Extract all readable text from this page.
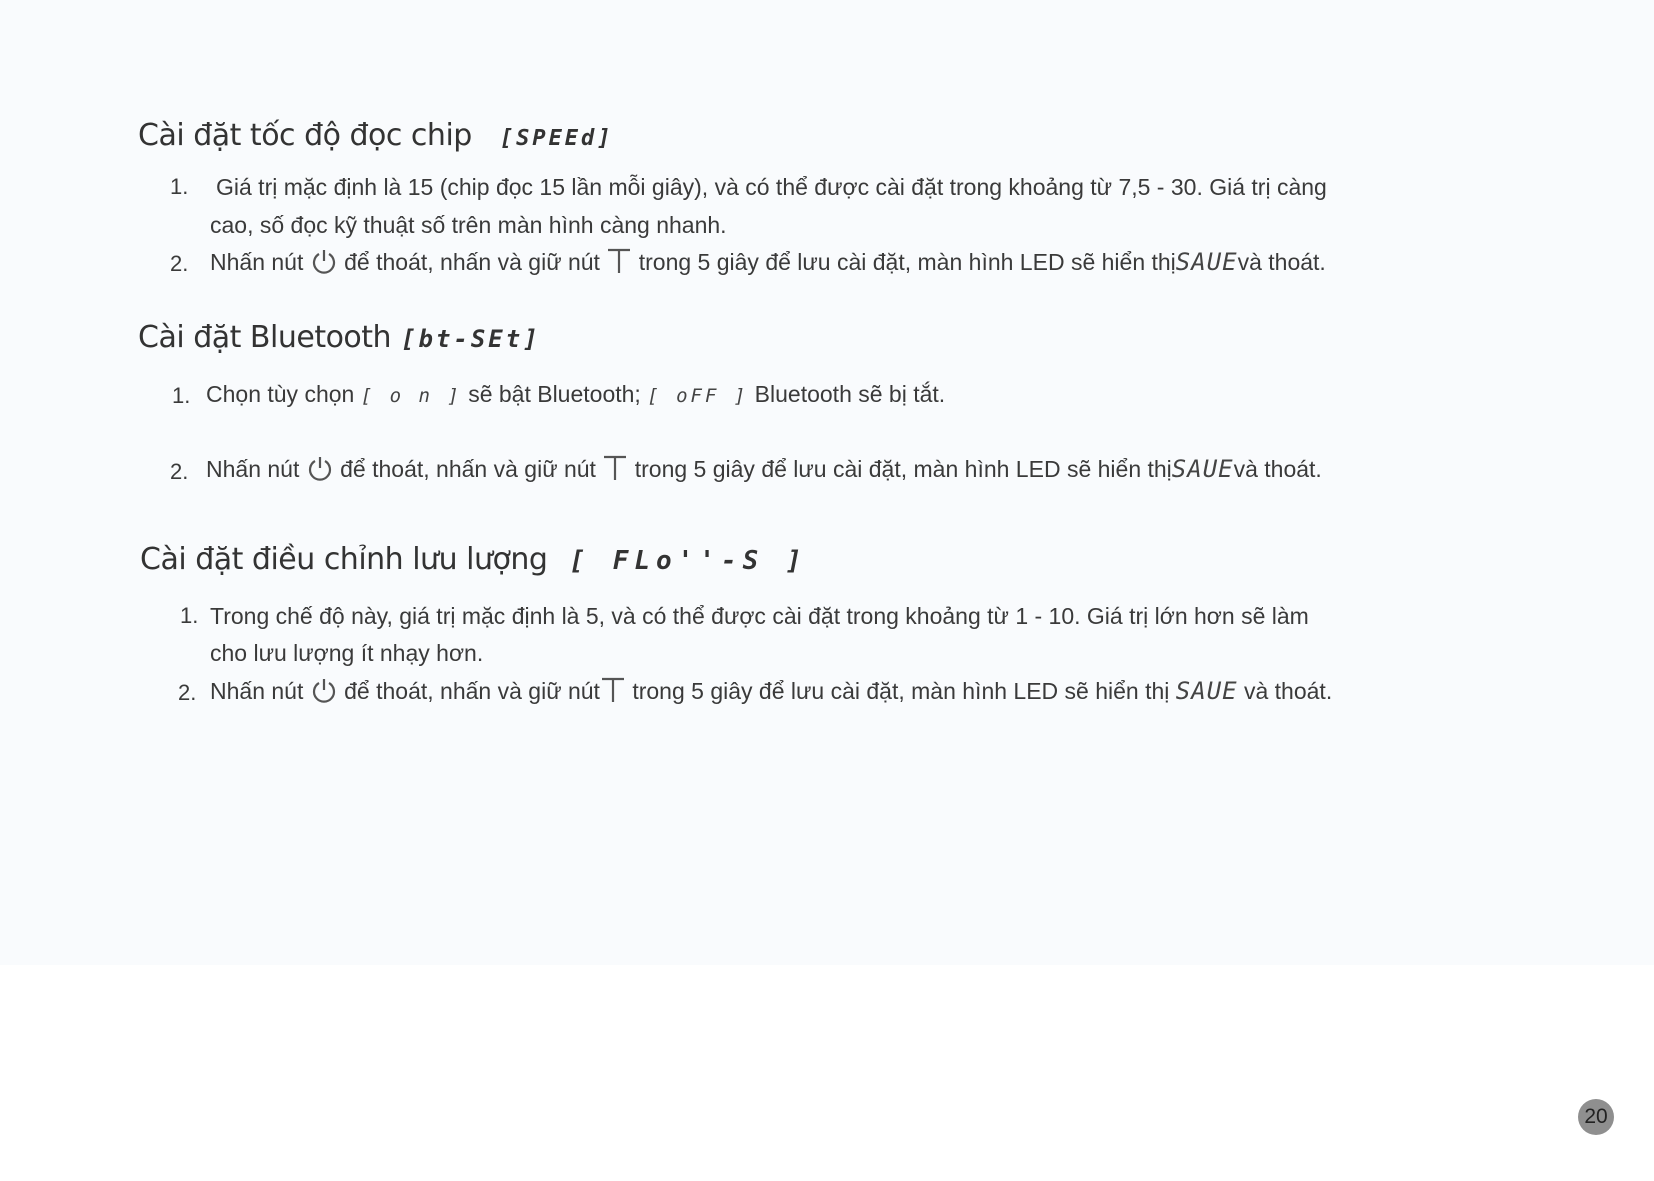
Cài đặt tốc độ đọc chip [SPEEd]
1. Giá trị mặc định là 15 (chip đọc 15 lần mỗi giây), và có thể được cài đặt trong khoảng từ 7,5 - 30. Giá trị càng
cao, số đọc kỹ thuật số trên màn hình càng nhanh.
2. Nhấn nút để thoát, nhấn và giữ nút trong 5 giây để lưu cài đặt, màn hình LED sẽ hiển thịSAUEvà thoát.
Cài đặt Bluetooth [bt-SEt]
1. Chọn tùy chọn [ o n ] sẽ bật Bluetooth; [ oFF ] Bluetooth sẽ bị tắt.
2. Nhấn nút để thoát, nhấn và giữ nút trong 5 giây để lưu cài đặt, màn hình LED sẽ hiển thịSAUEvà thoát.
Cài đặt điều chỉnh lưu lượng [ FLo''-S ]
1. Trong chế độ này, giá trị mặc định là 5, và có thể được cài đặt trong khoảng từ 1 - 10. Giá trị lớn hơn sẽ làm
cho lưu lượng ít nhạy hơn.
2. Nhấn nút để thoát, nhấn và giữ nút trong 5 giây để lưu cài đặt, màn hình LED sẽ hiển thị SAUE và thoát.
20
